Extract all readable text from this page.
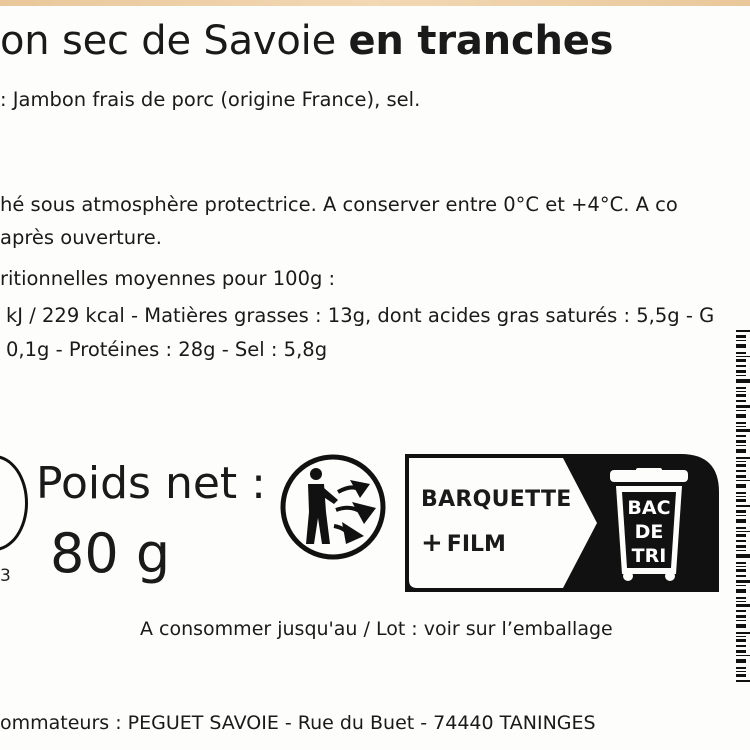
on sec de Savoie en tranches
: Jambon frais de porc (origine France), sel.
hé sous atmosphère protectrice. A conserver entre 0°C et +4°C. A co
après ouverture.
ritionnelles moyennes pour 100g :
kJ / 229 kcal - Matières grasses : 13g, dont acides gras saturés : 5,5g - G
0,1g - Protéines : 28g - Sel : 5,8g
3
Poids net :
80 g
BARQUETTE
+ FILM
BAC
DE
TRI
A consommer jusqu'au / Lot : voir sur l’emballage
ommateurs : PEGUET SAVOIE - Rue du Buet - 74440 TANINGES
